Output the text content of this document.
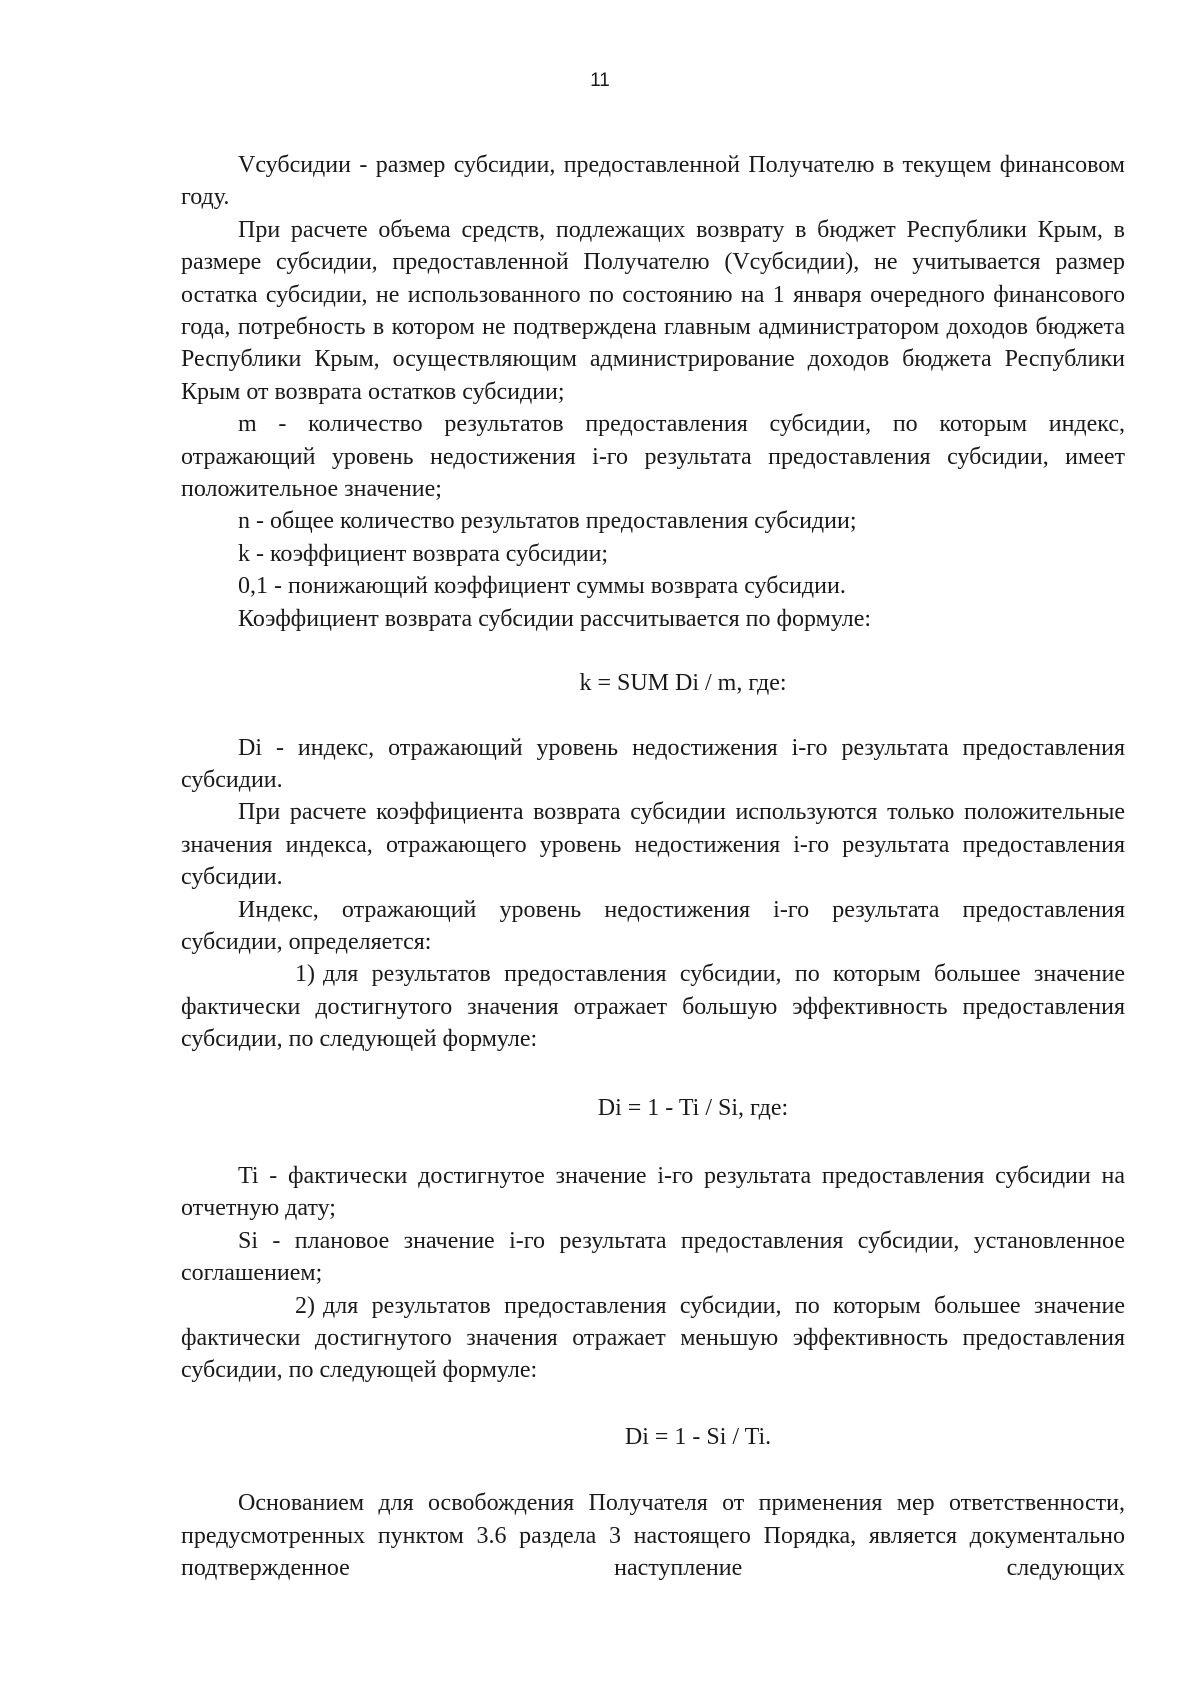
11

Vсубсидии - размер субсидии, предоставленной Получателю в текущем финансовом году.

При расчете объема средств, подлежащих возврату в бюджет Республики Крым, в размере субсидии, предоставленной Получателю (Vсубсидии), не учитывается размер остатка субсидии, не использованного по состоянию на 1 января очередного финансового года, потребность в котором не подтверждена главным администратором доходов бюджета Республики Крым, осуществляющим администрирование доходов бюджета Республики Крым от возврата остатков субсидии;

m - количество результатов предоставления субсидии, по которым индекс, отражающий уровень недостижения i-го результата предоставления субсидии, имеет положительное значение;

n - общее количество результатов предоставления субсидии;

k - коэффициент возврата субсидии;

0,1 - понижающий коэффициент суммы возврата субсидии.

Коэффициент возврата субсидии рассчитывается по формуле:

k = SUM Di / m, где:

Di - индекс, отражающий уровень недостижения i-го результата предоставления субсидии.

При расчете коэффициента возврата субсидии используются только положительные значения индекса, отражающего уровень недостижения i-го результата предоставления субсидии.

Индекс, отражающий уровень недостижения i-го результата предоставления субсидии, определяется:

1) для результатов предоставления субсидии, по которым большее значение фактически достигнутого значения отражает большую эффективность предоставления субсидии, по следующей формуле:

Di = 1 - Ti / Si, где:

Ti - фактически достигнутое значение i-го результата предоставления субсидии на отчетную дату;

Si - плановое значение i-го результата предоставления субсидии, установленное соглашением;

2) для результатов предоставления субсидии, по которым большее значение фактически достигнутого значения отражает меньшую эффективность предоставления субсидии, по следующей формуле:

Di = 1 - Si / Ti.

Основанием для освобождения Получателя от применения мер ответственности, предусмотренных пунктом 3.6 раздела 3 настоящего Порядка, является документально подтвержденное наступление следующих
